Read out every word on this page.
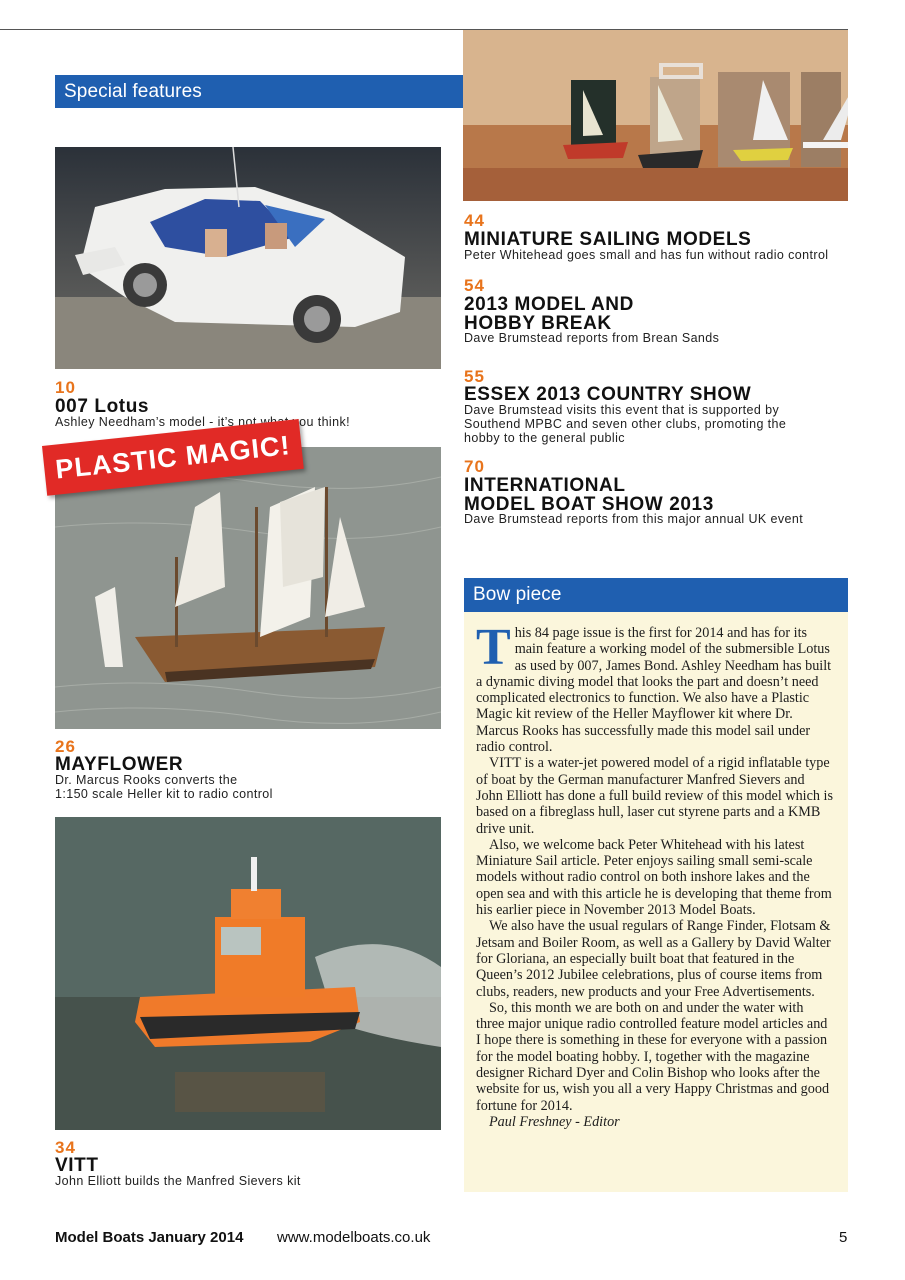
Special features
10
007 Lotus
Ashley Needham’s model - it’s not what you think!
PLASTIC MAGIC!
26
MAYFLOWER
Dr. Marcus Rooks converts the
1:150 scale Heller kit to radio control
34
VITT
John Elliott builds the Manfred Sievers kit
44
MINIATURE SAILING MODELS
Peter Whitehead goes small and has fun without radio control
54
2013 MODEL AND
HOBBY BREAK
Dave Brumstead reports from Brean Sands
55
ESSEX 2013 COUNTRY SHOW
Dave Brumstead visits this event that is supported by
Southend MPBC and seven other clubs, promoting the
hobby to the general public
70
INTERNATIONAL
MODEL BOAT SHOW 2013
Dave Brumstead reports from this major annual UK event
Bow piece

This 84 page issue is the first for 2014 and has for its main feature a working model of the submersible Lotus as used by 007, James Bond. Ashley Needham has built a dynamic diving model that looks the part and doesn’t need complicated electronics to function. We also have a Plastic Magic kit review of the Heller Mayflower kit where Dr. Marcus Rooks has successfully made this model sail under radio control.

VITT is a water-jet powered model of a rigid inflatable type of boat by the German manufacturer Manfred Sievers and John Elliott has done a full build review of this model which is based on a fibreglass hull, laser cut styrene parts and a KMB drive unit.

Also, we welcome back Peter Whitehead with his latest Miniature Sail article. Peter enjoys sailing small semi-scale models without radio control on both inshore lakes and the open sea and with this article he is developing that theme from his earlier piece in November 2013 Model Boats.

We also have the usual regulars of Range Finder, Flotsam & Jetsam and Boiler Room, as well as a Gallery by David Walter for Gloriana, an especially built boat that featured in the Queen’s 2012 Jubilee celebrations, plus of course items from clubs, readers, new products and your Free Advertisements.

So, this month we are both on and under the water with three major unique radio controlled feature model articles and I hope there is something in these for everyone with a passion for the model boating hobby. I, together with the magazine designer Richard Dyer and Colin Bishop who looks after the website for us, wish you all a very Happy Christmas and good fortune for 2014.

Paul Freshney - Editor
Model Boats January 2014 www.modelboats.co.uk	5
